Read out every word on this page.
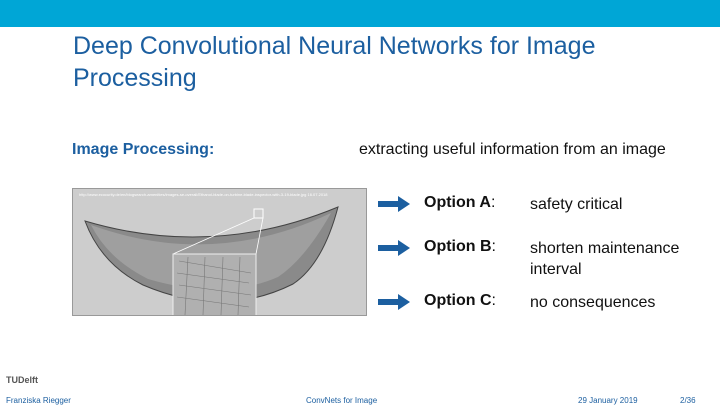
Deep Convolutional Neural Networks for Image Processing
Image Processing:	extracting useful information from an image
http://www.ecocurity.de/en/blogsearch-amenities/images-se-overall/Ethanol-blade-on-turbine-blade-inspector-with-3-19-blade.jpg 16.07.2018	Option A: safety critical
Option B: shorten maintenance interval
Option C: no consequences
TUDelft
Franziska Riegger	ConvNets for Image	29 January 2019	2/36
